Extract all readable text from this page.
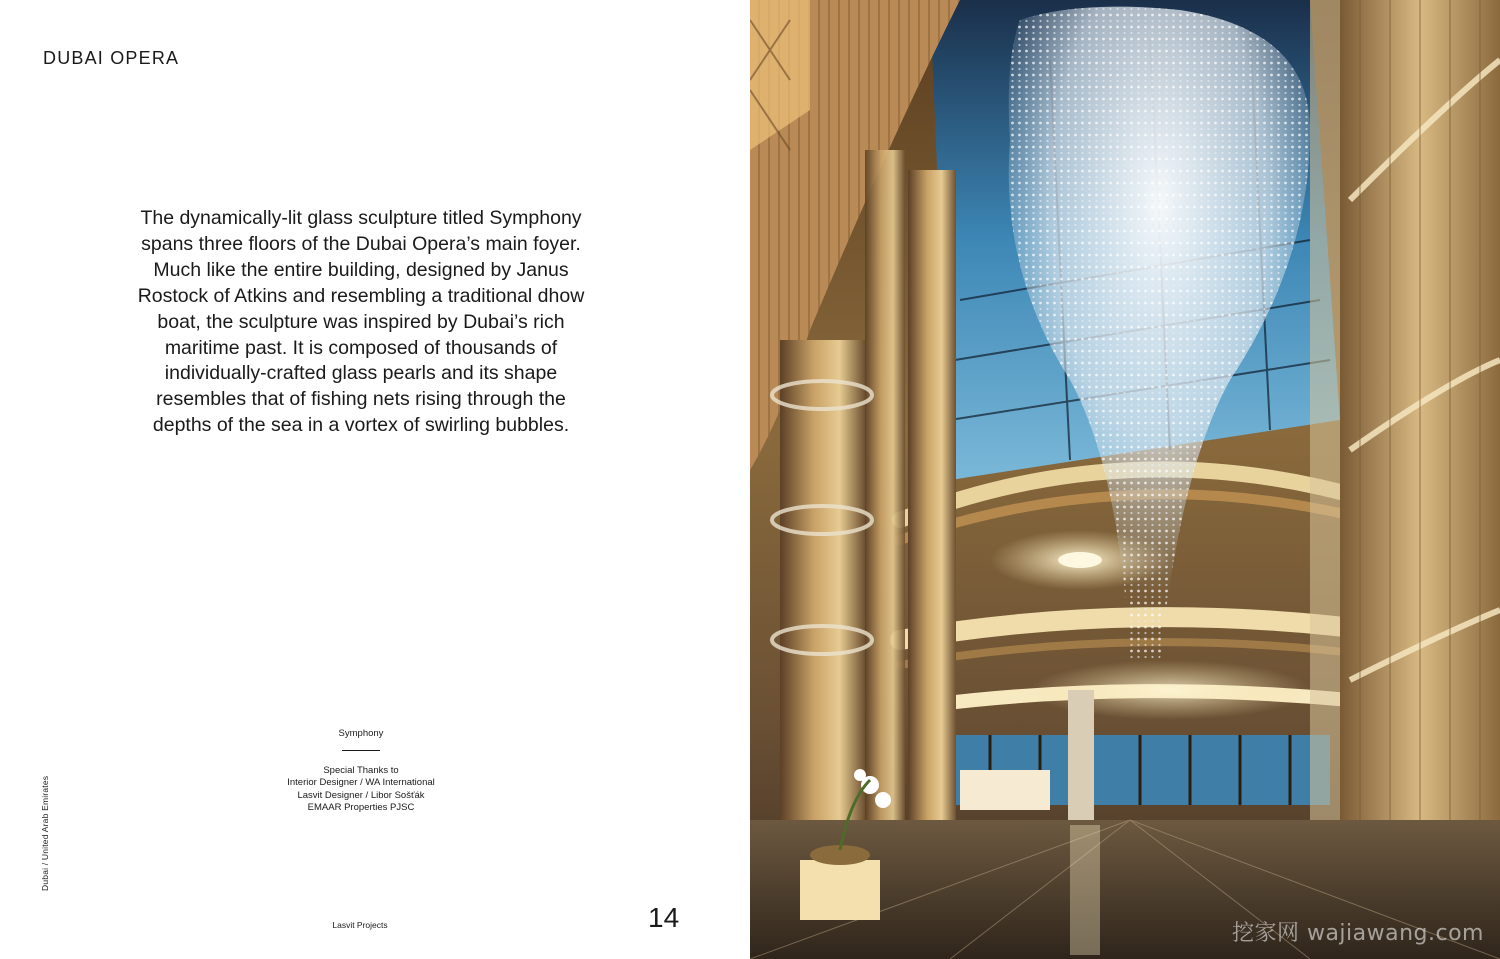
DUBAI OPERA

The dynamically-lit glass sculpture titled Symphony spans three floors of the Dubai Opera’s main foyer. Much like the entire building, designed by Janus Rostock of Atkins and resembling a traditional dhow boat, the sculpture was inspired by Dubai’s rich maritime past. It is composed of thousands of individually-crafted glass pearls and its shape resembles that of fishing nets rising through the depths of the sea in a vortex of swirling bubbles.

Symphony
Special Thanks to
Interior Designer / WA International
Lasvit Designer / Libor Sošťák
EMAAR Properties PJSC
Dubai / United Arab Emirates
Lasvit Projects	14
挖家网 wajiawang.com
